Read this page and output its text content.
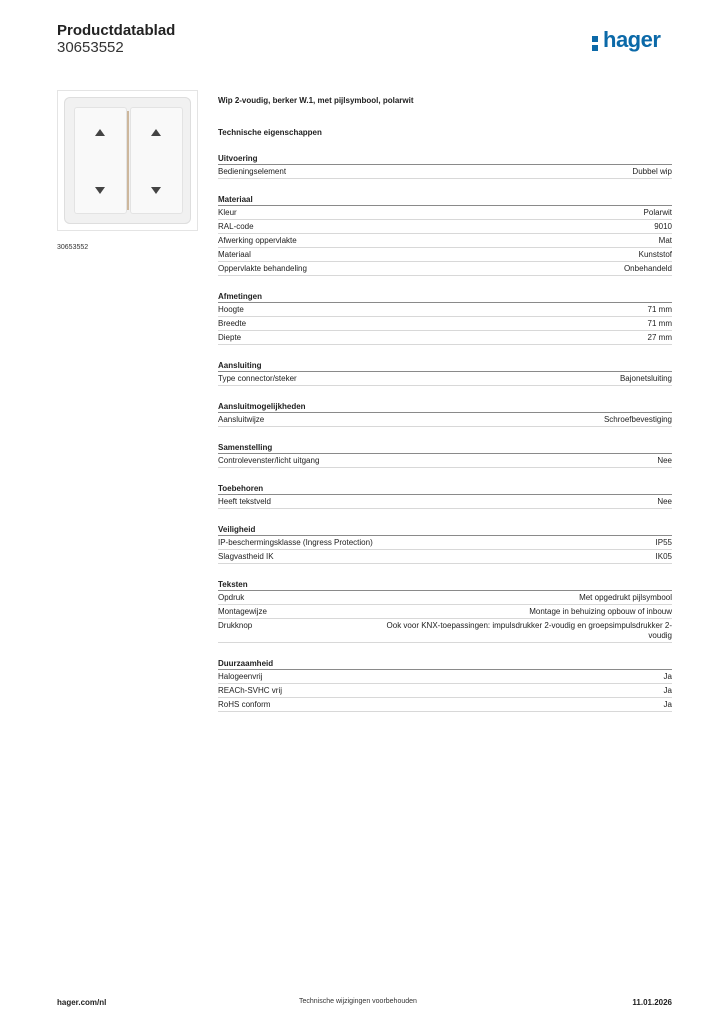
Productdatablad
30653552	hager
30653552
Wip 2-voudig, berker W.1, met pijlsymbool, polarwit
Technische eigenschappen
Uitvoering
Bedieningselement	Dubbel wip
Materiaal
Kleur	Polarwit
RAL-code	9010
Afwerking oppervlakte	Mat
Materiaal	Kunststof
Oppervlakte behandeling	Onbehandeld
Afmetingen
Hoogte	71 mm
Breedte	71 mm
Diepte	27 mm
Aansluiting
Type connector/steker	Bajonetsluiting
Aansluitmogelijkheden
Aansluitwijze	Schroefbevestiging
Samenstelling
Controlevenster/licht uitgang	Nee
Toebehoren
Heeft tekstveld	Nee
Veiligheid
IP-beschermingsklasse (Ingress Protection)	IP55
Slagvastheid IK	IK05
Teksten
Opdruk	Met opgedrukt pijlsymbool
Montagewijze	Montage in behuizing opbouw of inbouw
Drukknop	Ook voor KNX-toepassingen: impulsdrukker 2-voudig en groepsimpulsdrukker 2-voudig
Duurzaamheid
Halogeenvrij	Ja
REACh-SVHC vrij	Ja
RoHS conform	Ja
hager.com/nl	Technische wijzigingen voorbehouden	11.01.2026
